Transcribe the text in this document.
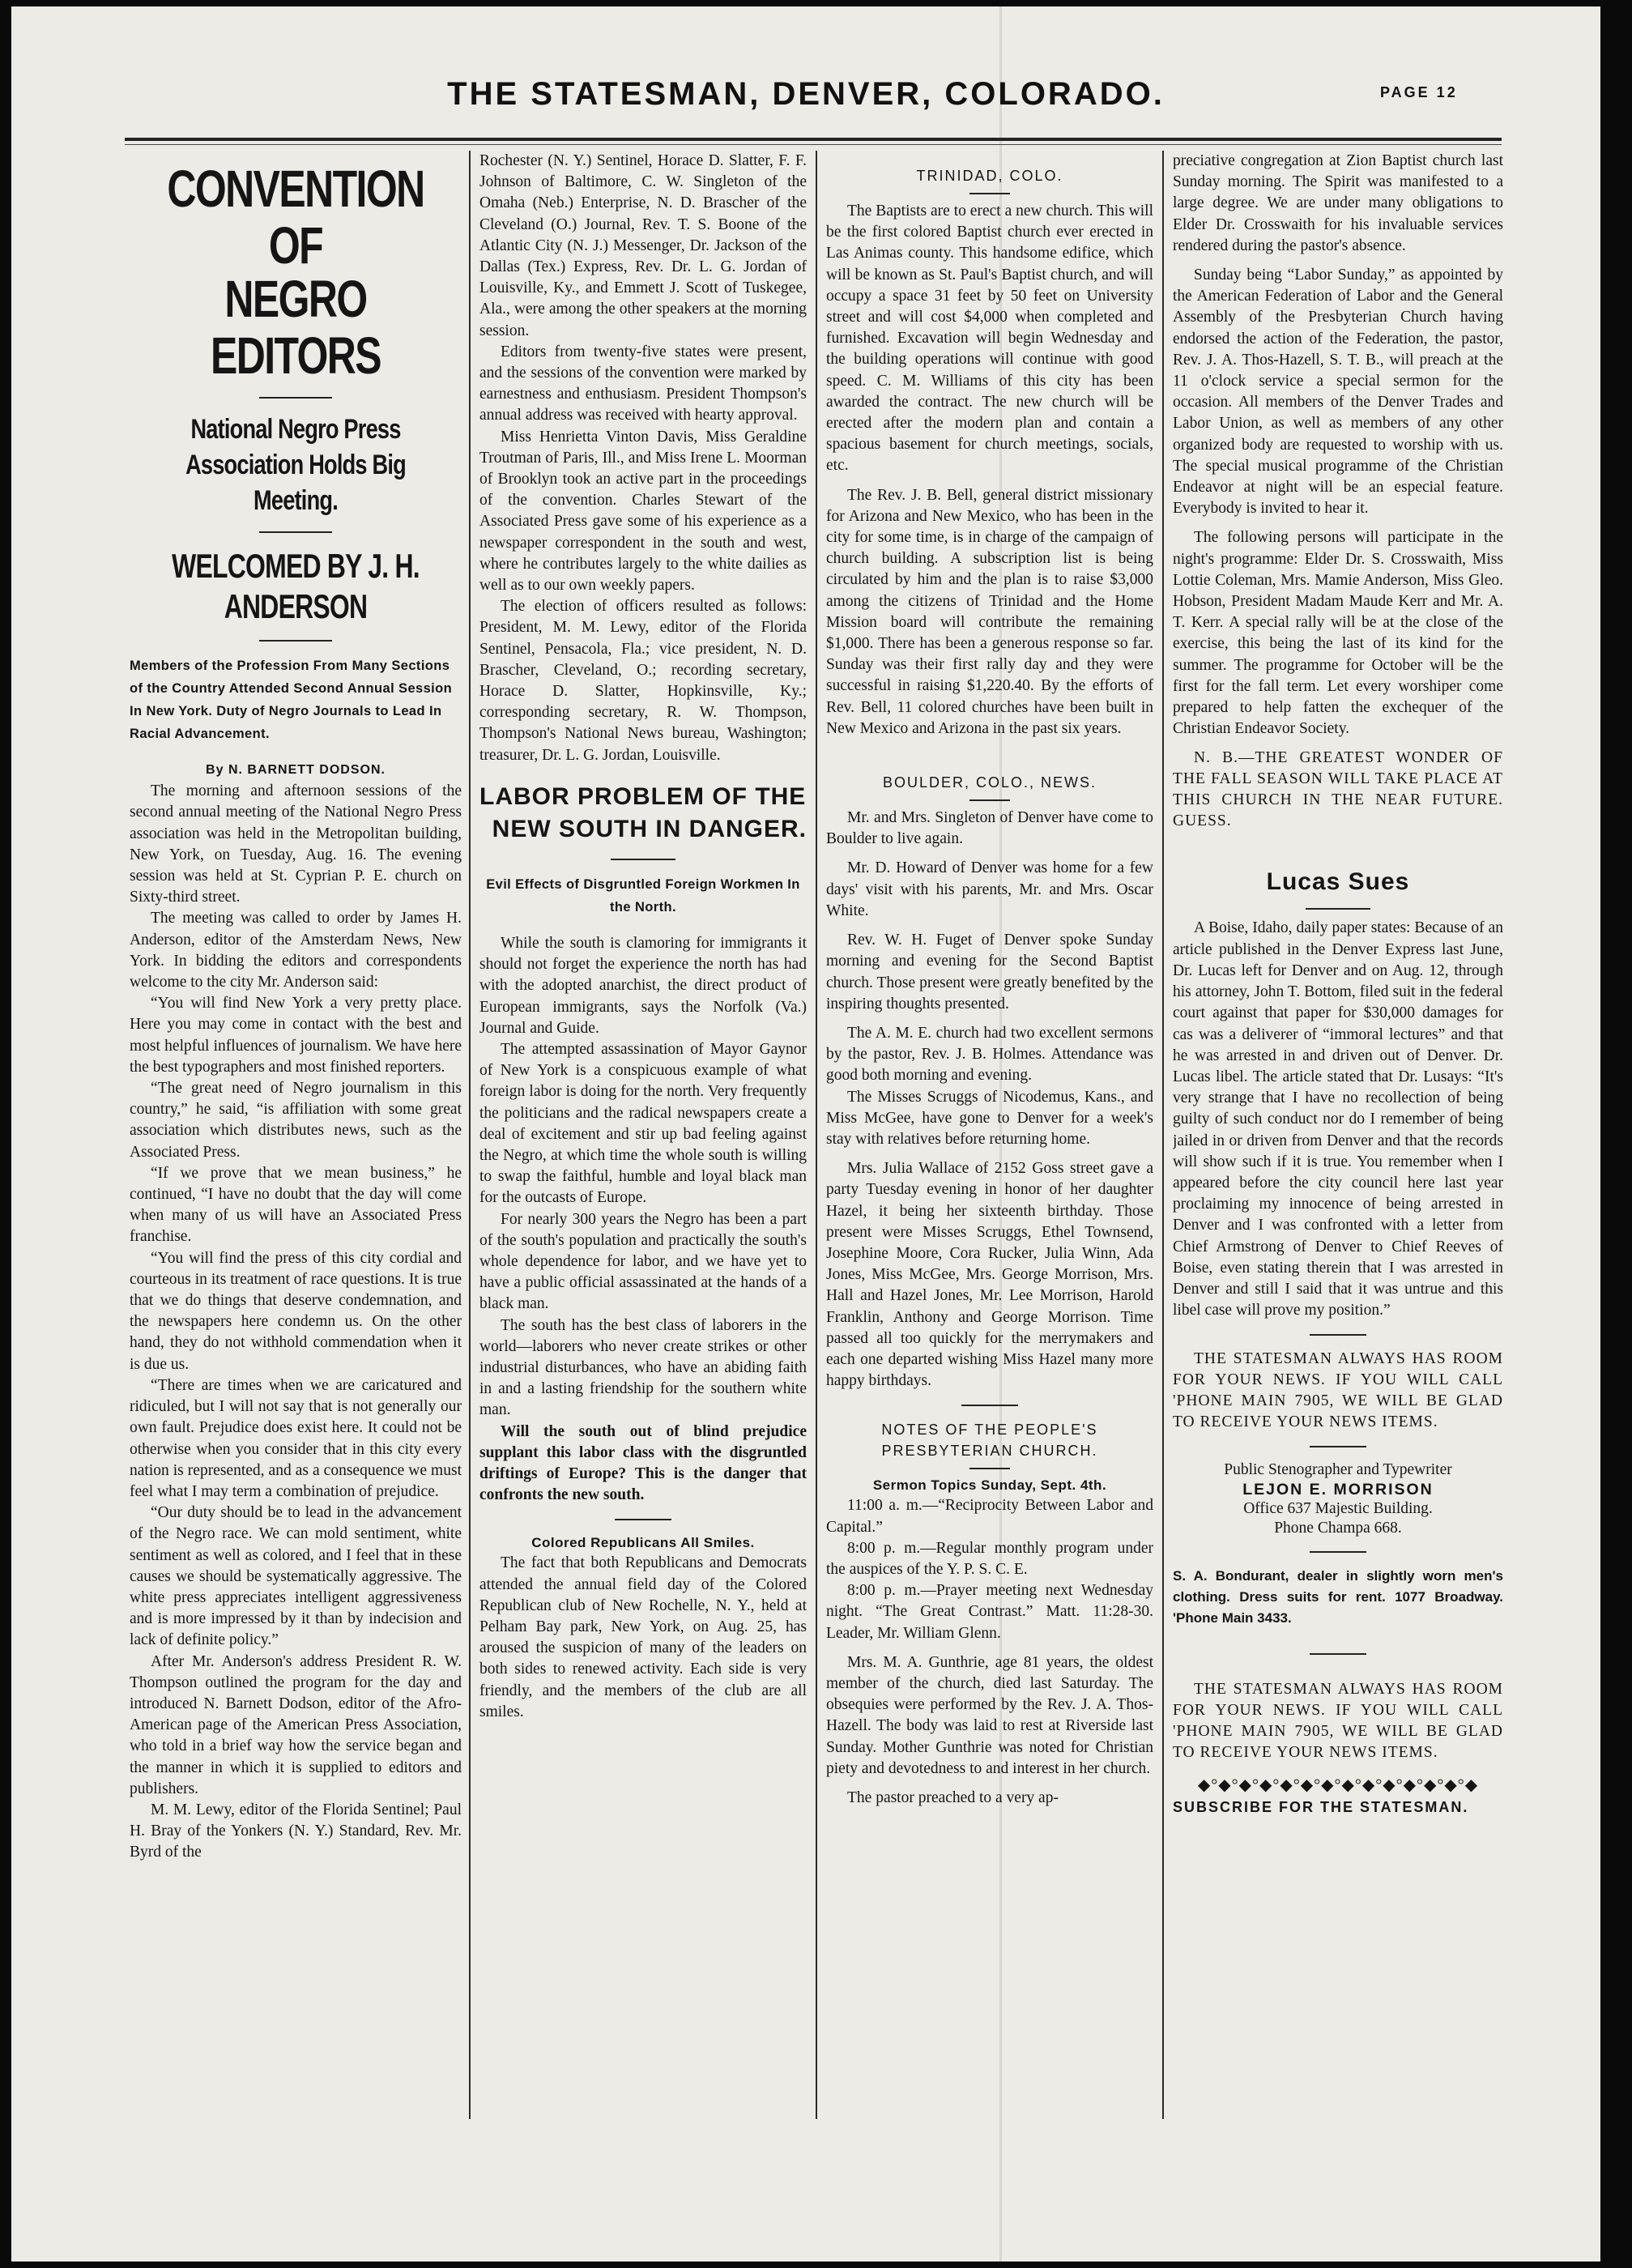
THE STATESMAN, DENVER, COLORADO.	PAGE 12
CONVENTION OF
NEGRO EDITORS
National Negro Press Association Holds Big Meeting.
WELCOMED BY J. H. ANDERSON
Members of the Profession From Many Sections of the Country Attended Second Annual Session In New York. Duty of Negro Journals to Lead In Racial Advancement.
By N. BARNETT DODSON.

The morning and afternoon sessions of the second annual meeting of the National Negro Press association was held in the Metropolitan building, New York, on Tuesday, Aug. 16. The evening session was held at St. Cyprian P. E. church on Sixty-third street.

The meeting was called to order by James H. Anderson, editor of the Amsterdam News, New York. In bidding the editors and correspondents welcome to the city Mr. Anderson said:

“You will find New York a very pretty place. Here you may come in contact with the best and most helpful influences of journalism. We have here the best typographers and most finished reporters.

“The great need of Negro journalism in this country,” he said, “is affiliation with some great association which distributes news, such as the Associated Press.

“If we prove that we mean business,” he continued, “I have no doubt that the day will come when many of us will have an Associated Press franchise.

“You will find the press of this city cordial and courteous in its treatment of race questions. It is true that we do things that deserve condemnation, and the newspapers here condemn us. On the other hand, they do not withhold commendation when it is due us.

“There are times when we are caricatured and ridiculed, but I will not say that is not generally our own fault. Prejudice does exist here. It could not be otherwise when you consider that in this city every nation is represented, and as a consequence we must feel what I may term a combination of prejudice.

“Our duty should be to lead in the advancement of the Negro race. We can mold sentiment, white sentiment as well as colored, and I feel that in these causes we should be systematically aggressive. The white press appreciates intelligent aggressiveness and is more impressed by it than by indecision and lack of definite policy.”

After Mr. Anderson's address President R. W. Thompson outlined the program for the day and introduced N. Barnett Dodson, editor of the Afro-American page of the American Press Association, who told in a brief way how the service began and the manner in which it is supplied to editors and publishers.

M. M. Lewy, editor of the Florida Sentinel; Paul H. Bray of the Yonkers (N. Y.) Standard, Rev. Mr. Byrd of the

Rochester (N. Y.) Sentinel, Horace D. Slatter, F. F. Johnson of Baltimore, C. W. Singleton of the Omaha (Neb.) Enterprise, N. D. Brascher of the Cleveland (O.) Journal, Rev. T. S. Boone of the Atlantic City (N. J.) Messenger, Dr. Jackson of the Dallas (Tex.) Express, Rev. Dr. L. G. Jordan of Louisville, Ky., and Emmett J. Scott of Tuskegee, Ala., were among the other speakers at the morning session.

Editors from twenty-five states were present, and the sessions of the convention were marked by earnestness and enthusiasm. President Thompson's annual address was received with hearty approval.

Miss Henrietta Vinton Davis, Miss Geraldine Troutman of Paris, Ill., and Miss Irene L. Moorman of Brooklyn took an active part in the proceedings of the convention. Charles Stewart of the Associated Press gave some of his experience as a newspaper correspondent in the south and west, where he contributes largely to the white dailies as well as to our own weekly papers.

The election of officers resulted as follows: President, M. M. Lewy, editor of the Florida Sentinel, Pensacola, Fla.; vice president, N. D. Brascher, Cleveland, O.; recording secretary, Horace D. Slatter, Hopkinsville, Ky.; corresponding secretary, R. W. Thompson, Thompson's National News bureau, Washington; treasurer, Dr. L. G. Jordan, Louisville.

LABOR PROBLEM OF THE
NEW SOUTH IN DANGER.
Evil Effects of Disgruntled Foreign Workmen In the North.

While the south is clamoring for immigrants it should not forget the experience the north has had with the adopted anarchist, the direct product of European immigrants, says the Norfolk (Va.) Journal and Guide.

The attempted assassination of Mayor Gaynor of New York is a conspicuous example of what foreign labor is doing for the north. Very frequently the politicians and the radical newspapers create a deal of excitement and stir up bad feeling against the Negro, at which time the whole south is willing to swap the faithful, humble and loyal black man for the outcasts of Europe.

For nearly 300 years the Negro has been a part of the south's population and practically the south's whole dependence for labor, and we have yet to have a public official assassinated at the hands of a black man.

The south has the best class of laborers in the world—laborers who never create strikes or other industrial disturbances, who have an abiding faith in and a lasting friendship for the southern white man.

Will the south out of blind prejudice supplant this labor class with the disgruntled driftings of Europe? This is the danger that confronts the new south.

Colored Republicans All Smiles.

The fact that both Republicans and Democrats attended the annual field day of the Colored Republican club of New Rochelle, N. Y., held at Pelham Bay park, New York, on Aug. 25, has aroused the suspicion of many of the leaders on both sides to renewed activity. Each side is very friendly, and the members of the club are all smiles.

TRINIDAD, COLO.

The Baptists are to erect a new church. This will be the first colored Baptist church ever erected in Las Animas county. This handsome edifice, which will be known as St. Paul's Baptist church, and will occupy a space 31 feet by 50 feet on University street and will cost $4,000 when completed and furnished. Excavation will begin Wednesday and the building operations will continue with good speed. C. M. Williams of this city has been awarded the contract. The new church will be erected after the modern plan and contain a spacious basement for church meetings, socials, etc.

The Rev. J. B. Bell, general district missionary for Arizona and New Mexico, who has been in the city for some time, is in charge of the campaign of church building. A subscription list is being circulated by him and the plan is to raise $3,000 among the citizens of Trinidad and the Home Mission board will contribute the remaining $1,000. There has been a generous response so far. Sunday was their first rally day and they were successful in raising $1,220.40. By the efforts of Rev. Bell, 11 colored churches have been built in New Mexico and Arizona in the past six years.

BOULDER, COLO., NEWS.

Mr. and Mrs. Singleton of Denver have come to Boulder to live again.

Mr. D. Howard of Denver was home for a few days' visit with his parents, Mr. and Mrs. Oscar White.

Rev. W. H. Fuget of Denver spoke Sunday morning and evening for the Second Baptist church. Those present were greatly benefited by the inspiring thoughts presented.

The A. M. E. church had two excellent sermons by the pastor, Rev. J. B. Holmes. Attendance was good both morning and evening.

The Misses Scruggs of Nicodemus, Kans., and Miss McGee, have gone to Denver for a week's stay with relatives before returning home.

Mrs. Julia Wallace of 2152 Goss street gave a party Tuesday evening in honor of her daughter Hazel, it being her sixteenth birthday. Those present were Misses Scruggs, Ethel Townsend, Josephine Moore, Cora Rucker, Julia Winn, Ada Jones, Miss McGee, Mrs. George Morrison, Mrs. Hall and Hazel Jones, Mr. Lee Morrison, Harold Franklin, Anthony and George Morrison. Time passed all too quickly for the merrymakers and each one departed wishing Miss Hazel many more happy birthdays.

NOTES OF THE PEOPLE'S PRESBYTERIAN CHURCH.
Sermon Topics Sunday, Sept. 4th.

11:00 a. m.—“Reciprocity Between Labor and Capital.”

8:00 p. m.—Regular monthly program under the auspices of the Y. P. S. C. E.

8:00 p. m.—Prayer meeting next Wednesday night. “The Great Contrast.” Matt. 11:28-30. Leader, Mr. William Glenn.

Mrs. M. A. Gunthrie, age 81 years, the oldest member of the church, died last Saturday. The obsequies were performed by the Rev. J. A. Thos-Hazell. The body was laid to rest at Riverside last Sunday. Mother Gunthrie was noted for Christian piety and devotedness to and interest in her church.

The pastor preached to a very ap-

preciative congregation at Zion Baptist church last Sunday morning. The Spirit was manifested to a large degree. We are under many obligations to Elder Dr. Crosswaith for his invaluable services rendered during the pastor's absence.

Sunday being “Labor Sunday,” as appointed by the American Federation of Labor and the General Assembly of the Presbyterian Church having endorsed the action of the Federation, the pastor, Rev. J. A. Thos-Hazell, S. T. B., will preach at the 11 o'clock service a special sermon for the occasion. All members of the Denver Trades and Labor Union, as well as members of any other organized body are requested to worship with us. The special musical programme of the Christian Endeavor at night will be an especial feature. Everybody is invited to hear it.

The following persons will participate in the night's programme: Elder Dr. S. Crosswaith, Miss Lottie Coleman, Mrs. Mamie Anderson, Miss Gleo. Hobson, President Madam Maude Kerr and Mr. A. T. Kerr. A special rally will be at the close of the exercise, this being the last of its kind for the summer. The programme for October will be the first for the fall term. Let every worshiper come prepared to help fatten the exchequer of the Christian Endeavor Society.

N. B.—THE GREATEST WONDER OF THE FALL SEASON WILL TAKE PLACE AT THIS CHURCH IN THE NEAR FUTURE. GUESS.

Lucas Sues

A Boise, Idaho, daily paper states: Because of an article published in the Denver Express last June, Dr. Lucas left for Denver and on Aug. 12, through his attorney, John T. Bottom, filed suit in the federal court against that paper for $30,000 damages for cas was a deliverer of “immoral lectures” and that he was arrested in and driven out of Denver. Dr. Lucas libel. The article stated that Dr. Lusays: “It's very strange that I have no recollection of being guilty of such conduct nor do I remember of being jailed in or driven from Denver and that the records will show such if it is true. You remember when I appeared before the city council here last year proclaiming my innocence of being arrested in Denver and I was confronted with a letter from Chief Armstrong of Denver to Chief Reeves of Boise, even stating therein that I was arrested in Denver and still I said that it was untrue and this libel case will prove my position.”

THE STATESMAN ALWAYS HAS ROOM FOR YOUR NEWS. IF YOU WILL CALL 'PHONE MAIN 7905, WE WILL BE GLAD TO RECEIVE YOUR NEWS ITEMS.

Public Stenographer and Typewriter
LEJON E. MORRISON
Office 637 Majestic Building.
Phone Champa 668.
S. A. Bondurant, dealer in slightly worn men's clothing. Dress suits for rent. 1077 Broadway. 'Phone Main 3433.

THE STATESMAN ALWAYS HAS ROOM FOR YOUR NEWS. IF YOU WILL CALL 'PHONE MAIN 7905, WE WILL BE GLAD TO RECEIVE YOUR NEWS ITEMS.

◆°◆°◆°◆°◆°◆°◆°◆°◆°◆°◆°◆°◆°◆
SUBSCRIBE FOR THE STATESMAN.
